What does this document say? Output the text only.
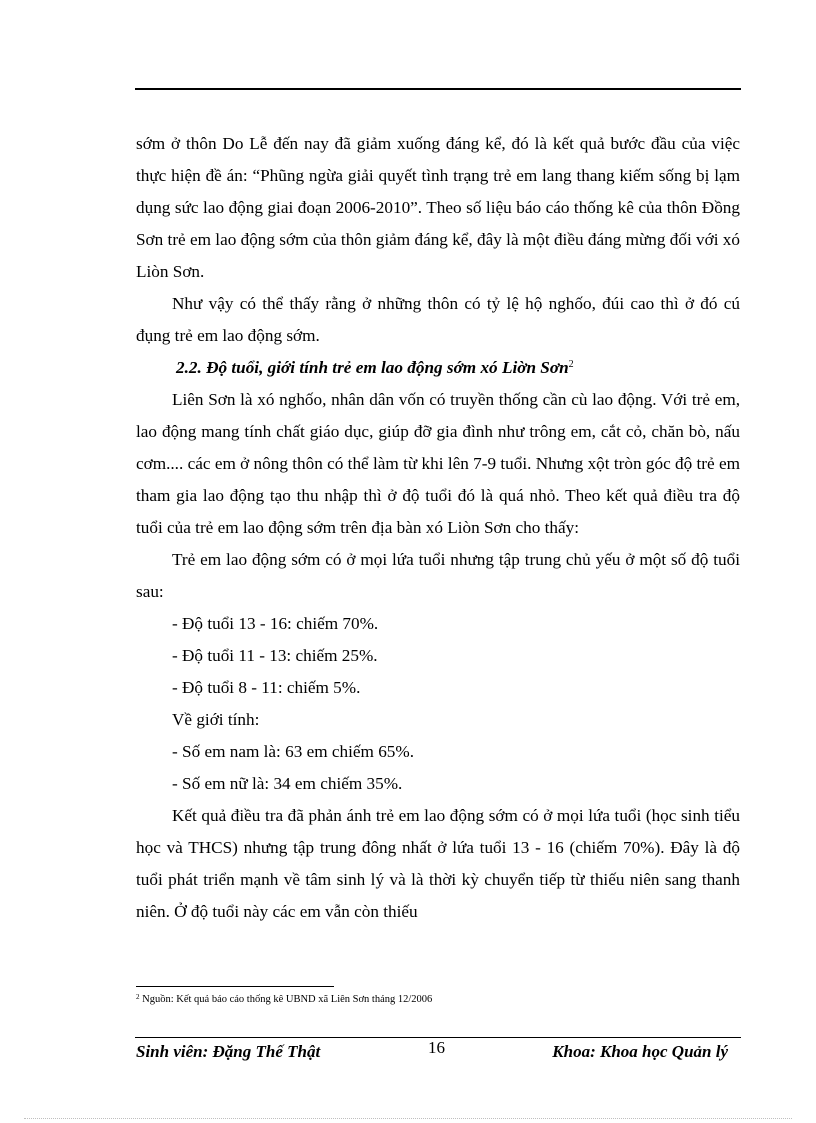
sớm ở thôn Do Lễ đến nay đã giảm xuống đáng kể, đó là kết quả bước đầu của việc thực hiện đề án: “Phũng ngừa giải quyết tình trạng trẻ em lang thang kiếm sống bị lạm dụng sức lao động giai đoạn 2006-2010”. Theo số liệu báo cáo thống kê của thôn Đồng Sơn trẻ em lao động sớm của thôn giảm đáng kể, đây là một điều đáng mừng đối với xó Liòn Sơn.

Như vậy có thể thấy rằng ở những thôn có tỷ lệ hộ nghốo, đúi cao thì ở đó cú đụng trẻ em lao động sớm.

2.2. Độ tuổi, giới tính trẻ em lao động sớm xó Liờn Sơn$^2$

Liên Sơn là xó nghốo, nhân dân vốn có truyền thống cần cù lao động. Với trẻ em, lao động mang tính chất giáo dục, giúp đỡ gia đình như trông em, cắt cỏ, chăn bò, nấu cơm.... các em ở nông thôn có thể làm từ khi lên 7-9 tuổi. Nhưng xột tròn góc độ trẻ em tham gia lao động tạo thu nhập thì ở độ tuổi đó là quá nhỏ. Theo kết quả điều tra độ tuổi của trẻ em lao động sớm trên địa bàn xó Liòn Sơn cho thấy:

Trẻ em lao động sớm có ở mọi lứa tuổi nhưng tập trung chủ yếu ở một số độ tuổi sau:

- Độ tuổi 13 - 16: chiếm 70%.

- Độ tuổi 11 - 13: chiếm 25%.

- Độ tuổi 8 - 11: chiếm 5%.

Về giới tính:

- Số em nam là: 63 em chiếm 65%.

- Số em nữ là: 34 em chiếm 35%.

Kết quả điều tra đã phản ánh trẻ em lao động sớm có ở mọi lứa tuổi (học sinh tiểu học và THCS) nhưng tập trung đông nhất ở lứa tuổi 13 - 16 (chiếm 70%). Đây là độ tuổi phát triển mạnh về tâm sinh lý và là thời kỳ chuyển tiếp từ thiếu niên sang thanh niên. Ở độ tuổi này các em vẫn còn thiếu

$^2$ Nguồn: Kết quả báo cáo thống kê UBND xã Liên Sơn tháng 12/2006
Sinh viên: Đặng Thế Thật	16	Khoa: Khoa học Quản lý
